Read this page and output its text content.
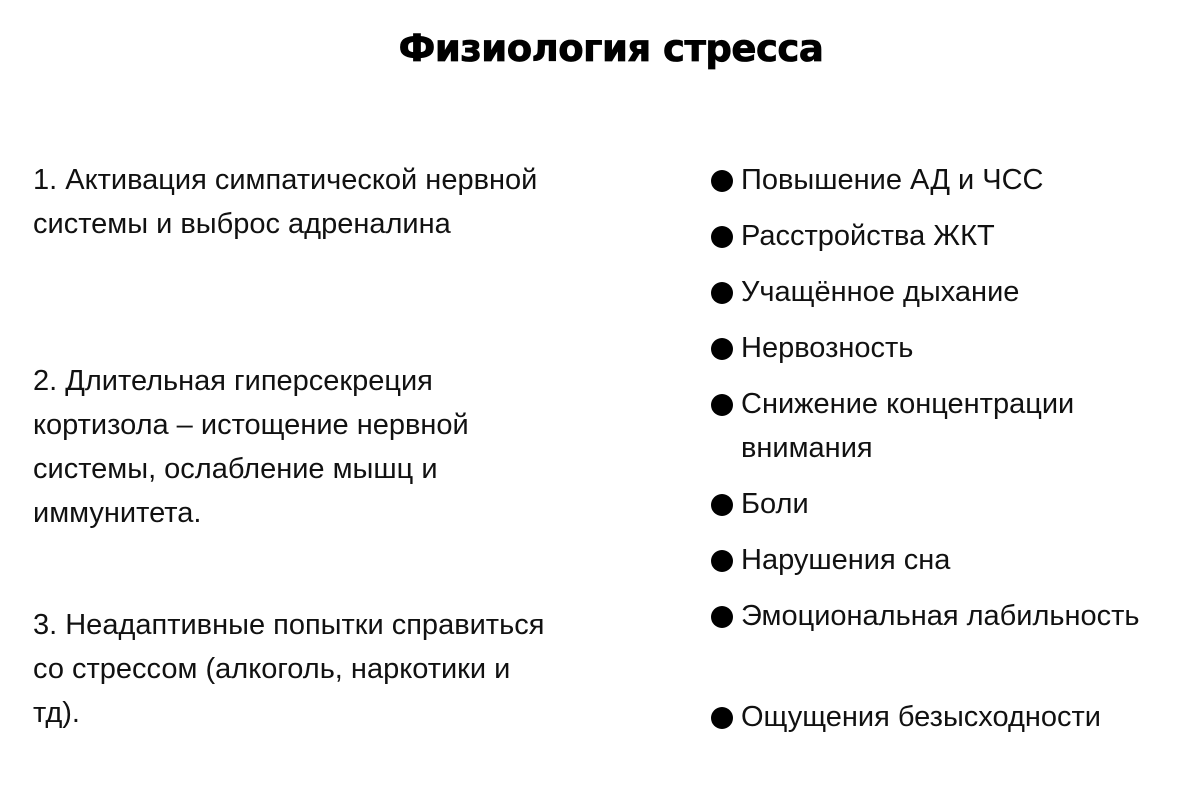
Физиология стресса

1. Активация симпатической нервной системы и выброс адреналина

2. Длительная гиперсекреция кортизола – истощение нервной системы, ослабление мышц и иммунитета.

3. Неадаптивные попытки справиться со стрессом (алкоголь, наркотики и тд).

Повышение АД и ЧСС
Расстройства ЖКТ
Учащённое дыхание
Нервозность
Снижение концентрации внимания
Боли
Нарушения сна
Эмоциональная лабильность
Ощущения безысходности
